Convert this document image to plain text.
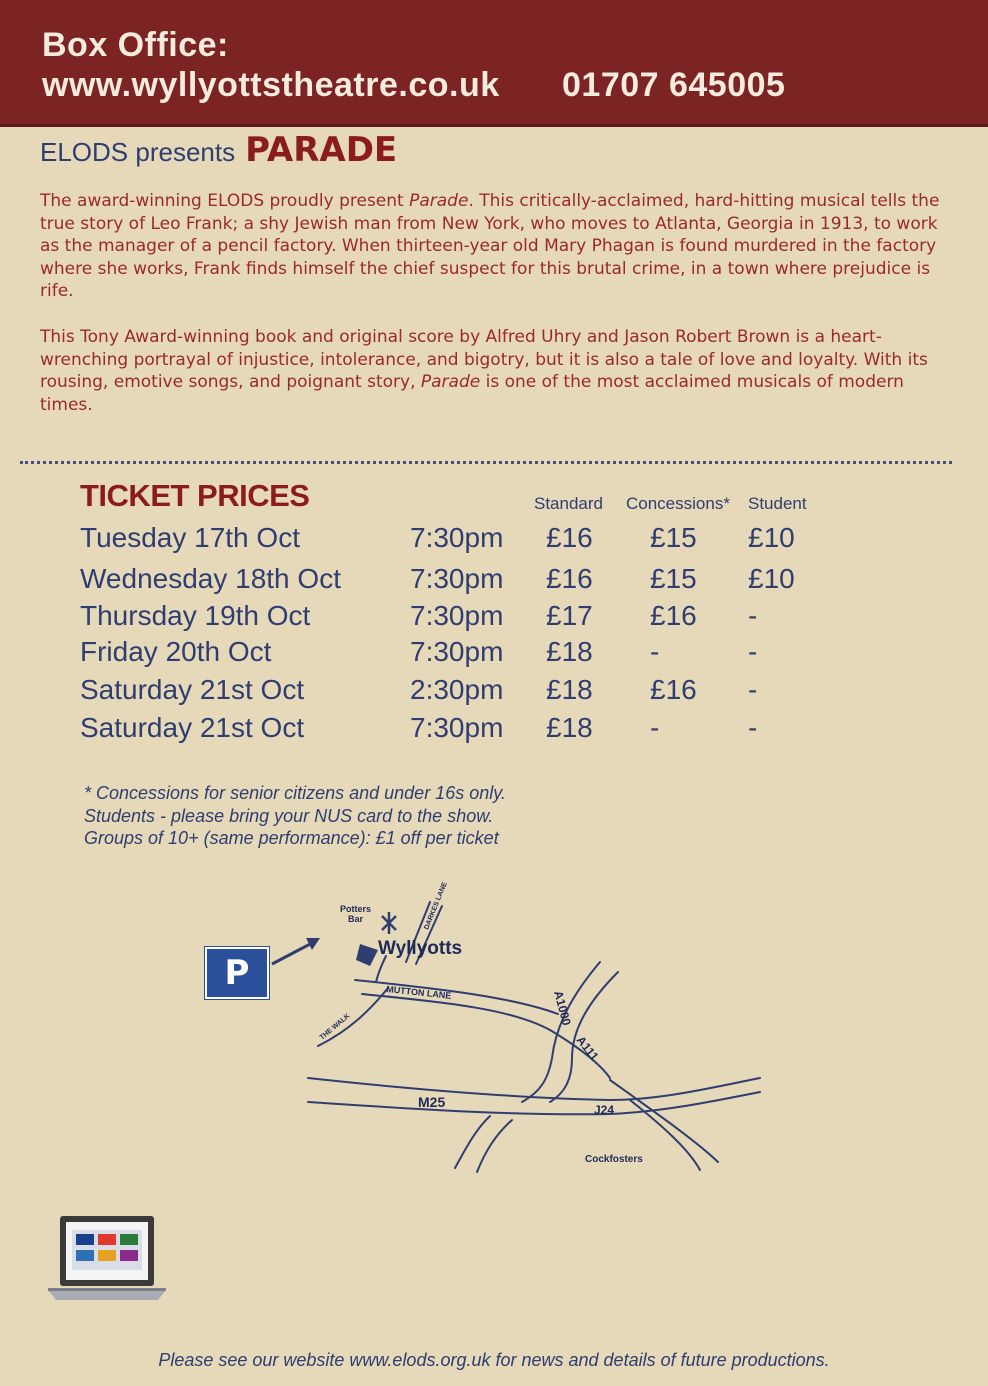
Box Office:
www.wyllyottstheatre.co.uk 01707 645005
ELODS presents PARADE

The award-winning ELODS proudly present Parade. This critically-acclaimed, hard-hitting musical tells the true story of Leo Frank; a shy Jewish man from New York, who moves to Atlanta, Georgia in 1913, to work as the manager of a pencil factory. When thirteen-year old Mary Phagan is found murdered in the factory where she works, Frank finds himself the chief suspect for this brutal crime, in a town where prejudice is rife.

This Tony Award-winning book and original score by Alfred Uhry and Jason Robert Brown is a heart-wrenching portrayal of injustice, intolerance, and bigotry, but it is also a tale of love and loyalty. With its rousing, emotive songs, and poignant story, Parade is one of the most acclaimed musicals of modern times.

TICKET PRICES	Standard Concessions* Student
Tuesday 17th Oct	7:30pm £16 £15 £10
Wednesday 18th Oct 7:30pm £16 £15 £10
Thursday 19th Oct	7:30pm £17 £16 -
Friday 20th Oct	7:30pm £18 -	-
Saturday 21st Oct	2:30pm £18 £16 -
Saturday 21st Oct	7:30pm £18 -	-
* Concessions for senior citizens and under 16s only.
Students - please bring your NUS card to the show.
Groups of 10+ (same performance): £1 off per ticket
Potters
Bar	DARKES LANE
Wyllyotts
MUTTON LANE
THE WALK
A1000
A111
M25	J24
Cockfosters
P
Please see our website www.elods.org.uk for news and details of future productions.
